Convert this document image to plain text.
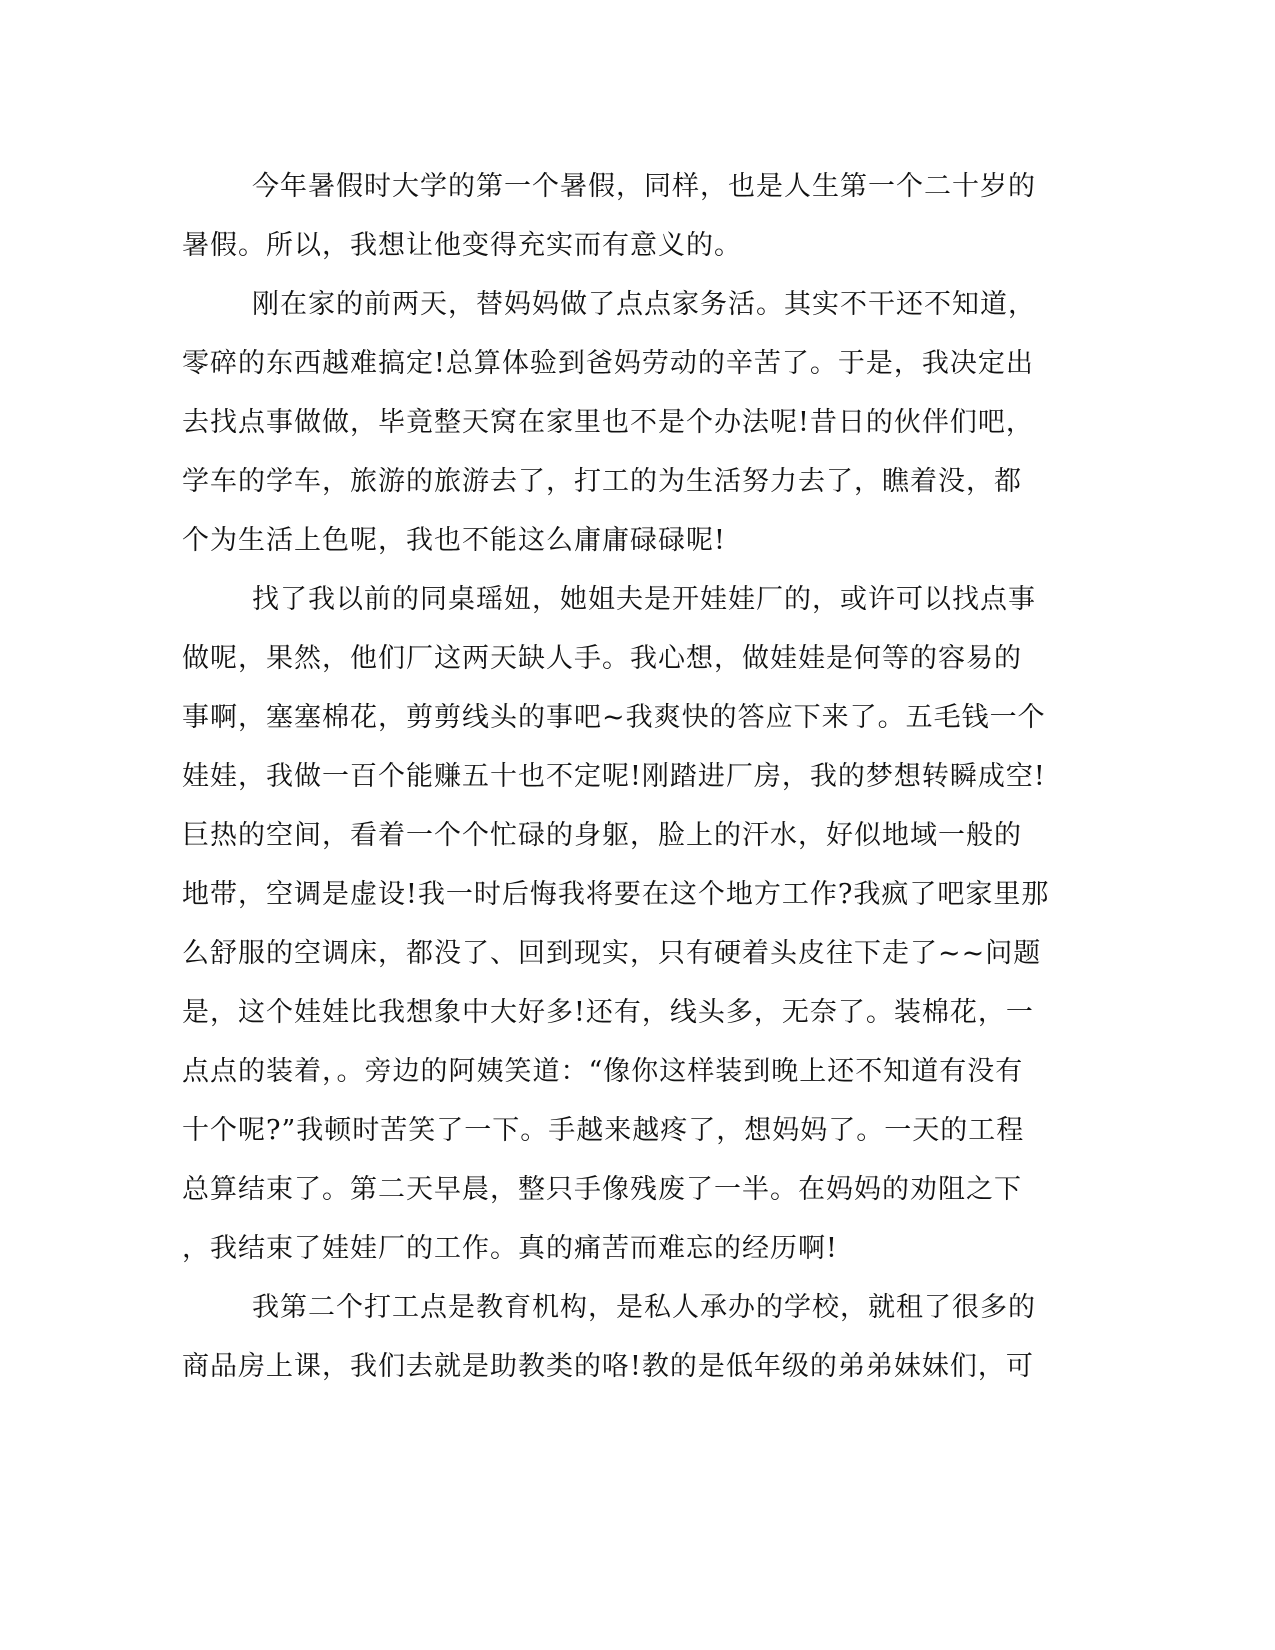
今年暑假时大学的第一个暑假，同样，也是人生第一个二十岁的
暑假。所以，我想让他变得充实而有意义的。
刚在家的前两天，替妈妈做了点点家务活。其实不干还不知道，
零碎的东西越难搞定!总算体验到爸妈劳动的辛苦了。于是，我决定出
去找点事做做，毕竟整天窝在家里也不是个办法呢!昔日的伙伴们吧，
学车的学车，旅游的旅游去了，打工的为生活努力去了，瞧着没，都
个为生活上色呢，我也不能这么庸庸碌碌呢!
找了我以前的同桌瑶妞，她姐夫是开娃娃厂的，或许可以找点事
做呢，果然，他们厂这两天缺人手。我心想，做娃娃是何等的容易的
事啊，塞塞棉花，剪剪线头的事吧~我爽快的答应下来了。五毛钱一个
娃娃，我做一百个能赚五十也不定呢!刚踏进厂房，我的梦想转瞬成空!
巨热的空间，看着一个个忙碌的身躯，脸上的汗水，好似地域一般的
地带，空调是虚设!我一时后悔我将要在这个地方工作?我疯了吧家里那
么舒服的空调床，都没了、回到现实，只有硬着头皮往下走了~~问题
是，这个娃娃比我想象中大好多!还有，线头多，无奈了。装棉花，一
点点的装着，。旁边的阿姨笑道：“像你这样装到晚上还不知道有没有
十个呢?”我顿时苦笑了一下。手越来越疼了，想妈妈了。一天的工程
总算结束了。第二天早晨，整只手像残废了一半。在妈妈的劝阻之下
，我结束了娃娃厂的工作。真的痛苦而难忘的经历啊!
我第二个打工点是教育机构，是私人承办的学校，就租了很多的
商品房上课，我们去就是助教类的咯!教的是低年级的弟弟妹妹们，可
